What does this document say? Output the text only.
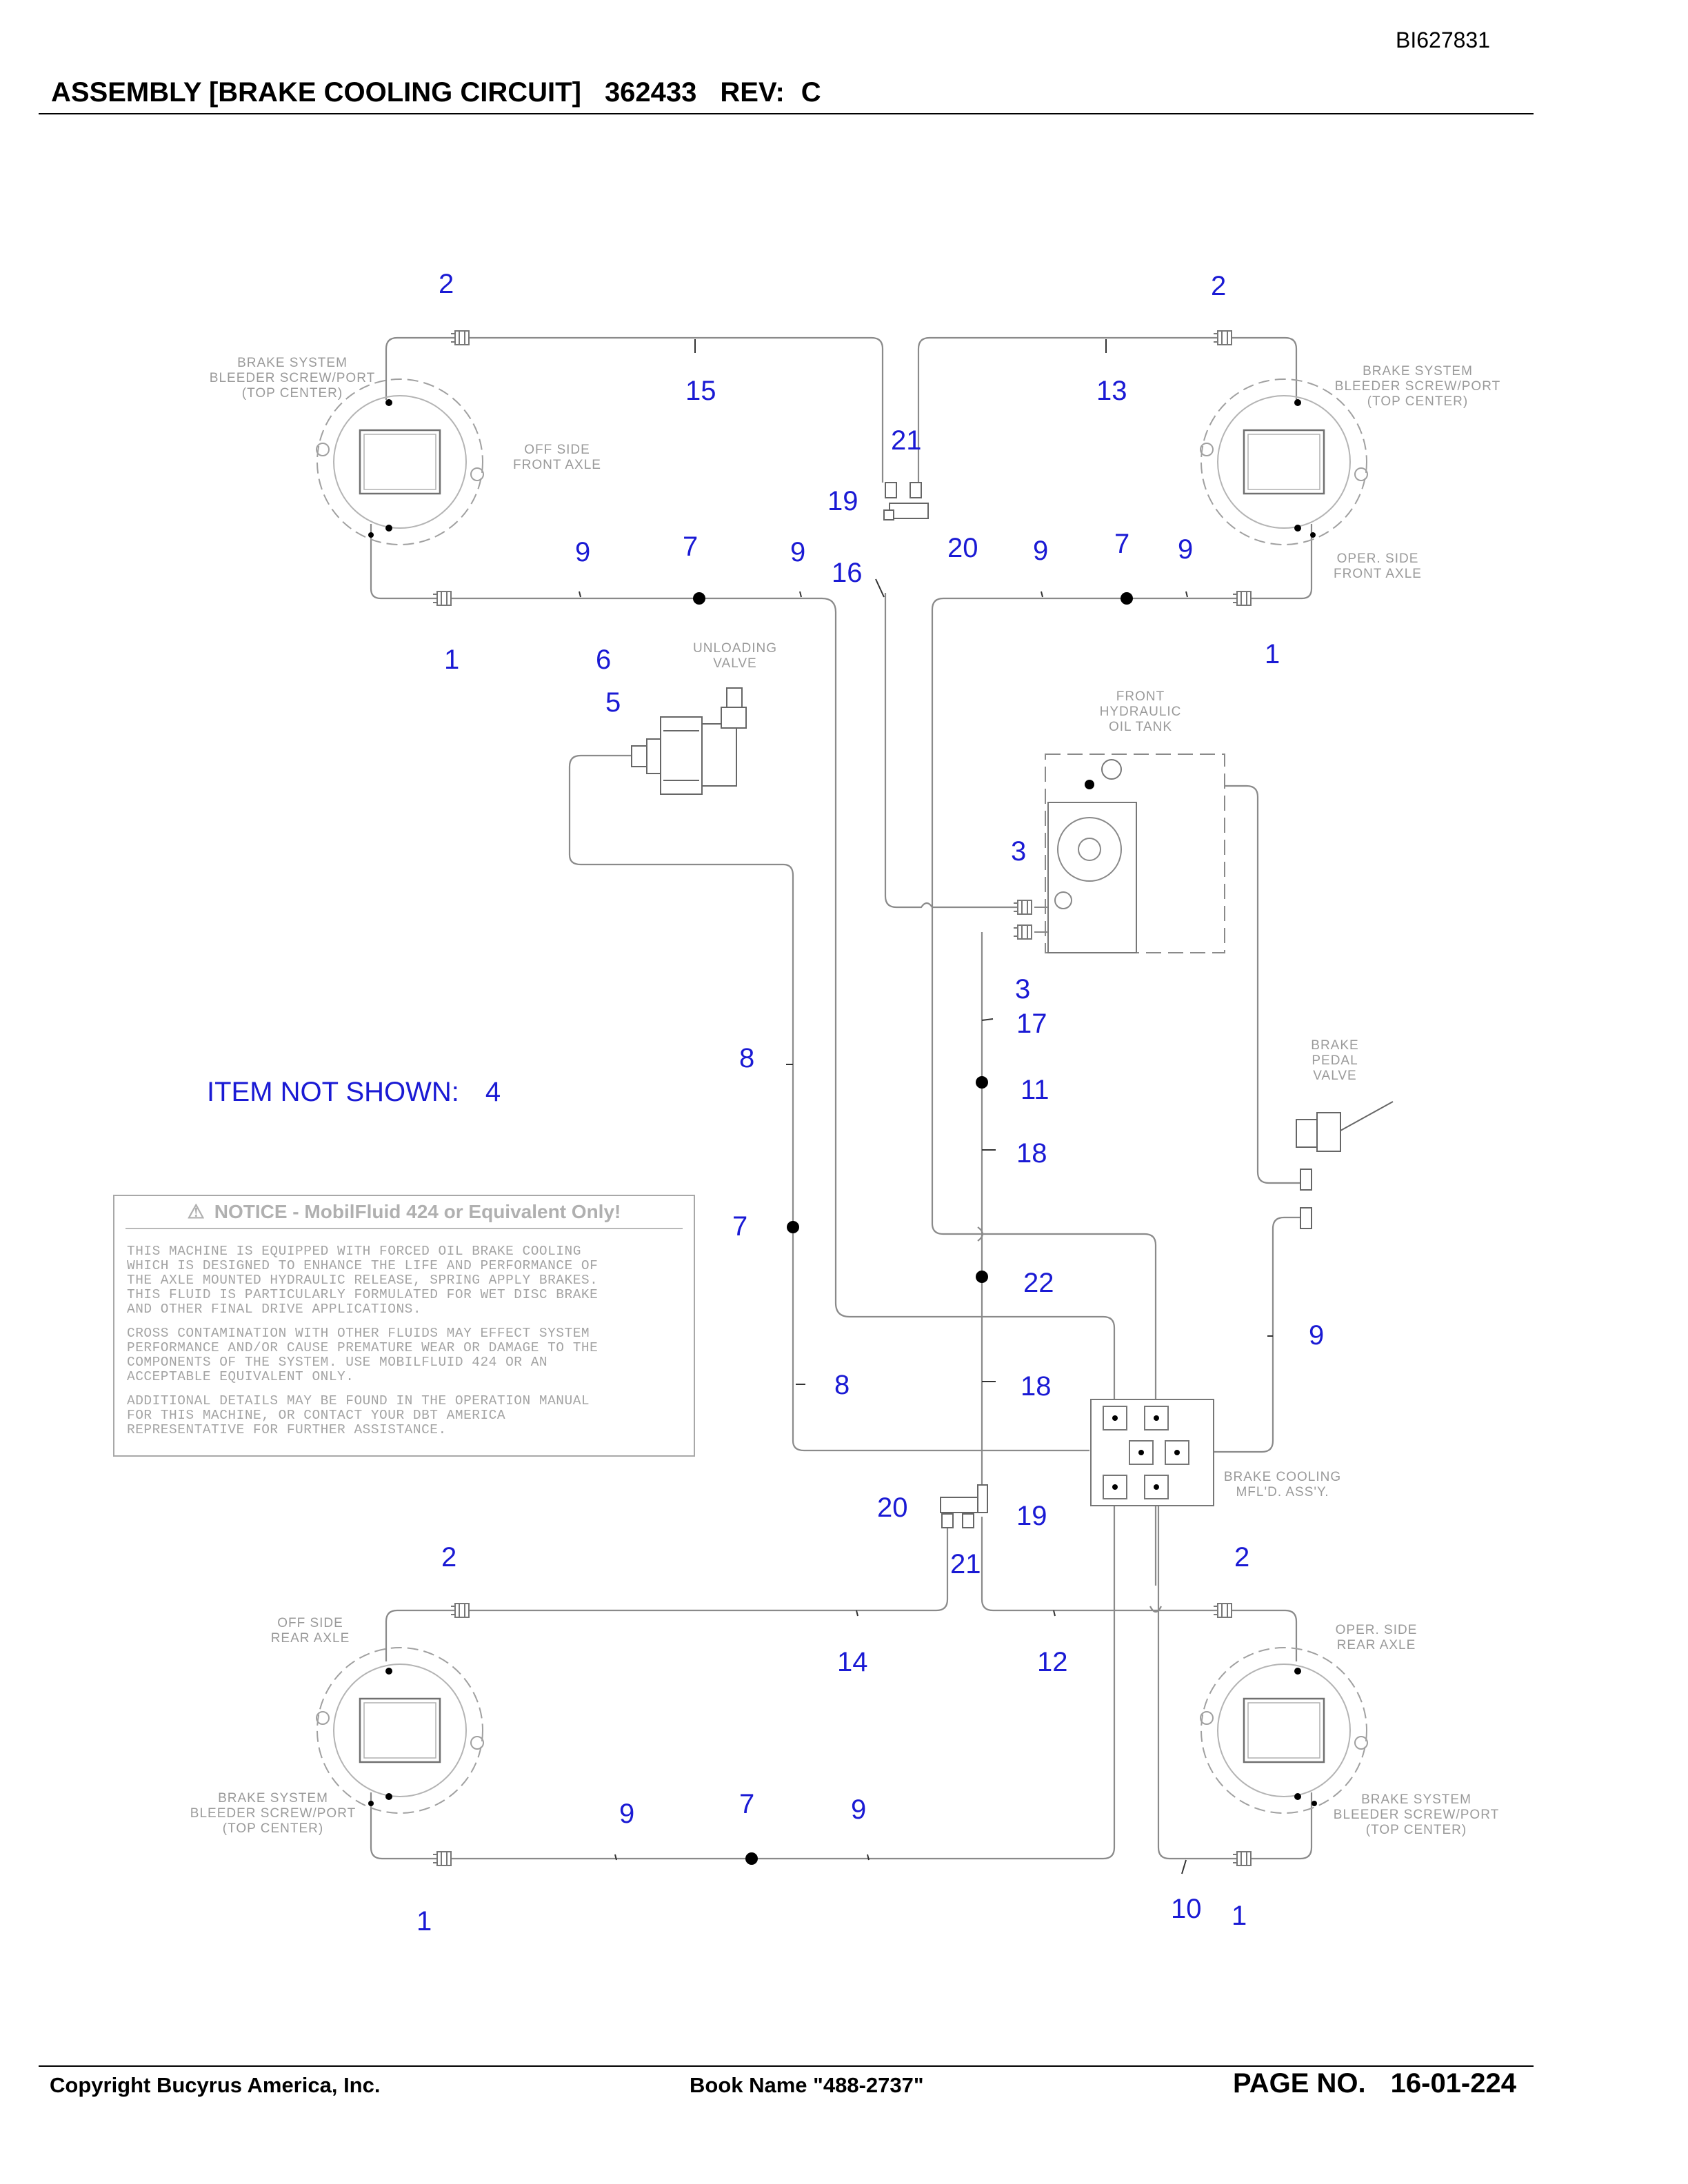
BI627831
ASSEMBLY [BRAKE COOLING CIRCUIT] 362433 REV: C
BRAKE SYSTEM
BLEEDER SCREW/PORT
(TOP CENTER)
OFF SIDE
FRONT AXLE
BRAKE SYSTEM
BLEEDER SCREW/PORT
(TOP CENTER)
OPER. SIDE
FRONT AXLE
UNLOADING
VALVE
FRONT
HYDRAULIC
OIL TANK
BRAKE
PEDAL
VALVE
BRAKE COOLING
MFL'D. ASS'Y.
OFF SIDE
REAR AXLE
BRAKE SYSTEM
BLEEDER SCREW/PORT
(TOP CENTER)
OPER. SIDE
REAR AXLE
BRAKE SYSTEM
BLEEDER SCREW/PORT
(TOP CENTER)
2	2
15	13
21
19
20
9	7	9
16
9 7 9
1	6	1
5
3
3
17
8
11
18
7
22
9
8	18
20	19
21
2	2
14	12
9	7	9
1	10 1
ITEM NOT SHOWN: 4
⚠ NOTICE - MobilFluid 424 or Equivalent Only!

THIS MACHINE IS EQUIPPED WITH FORCED OIL BRAKE COOLING
WHICH IS DESIGNED TO ENHANCE THE LIFE AND PERFORMANCE OF
THE AXLE MOUNTED HYDRAULIC RELEASE, SPRING APPLY BRAKES.
THIS FLUID IS PARTICULARLY FORMULATED FOR WET DISC BRAKE
AND OTHER FINAL DRIVE APPLICATIONS.

CROSS CONTAMINATION WITH OTHER FLUIDS MAY EFFECT SYSTEM
PERFORMANCE AND/OR CAUSE PREMATURE WEAR OR DAMAGE TO THE
COMPONENTS OF THE SYSTEM. USE MOBILFLUID 424 OR AN
ACCEPTABLE EQUIVALENT ONLY.

ADDITIONAL DETAILS MAY BE FOUND IN THE OPERATION MANUAL
FOR THIS MACHINE, OR CONTACT YOUR DBT AMERICA
REPRESENTATIVE FOR FURTHER ASSISTANCE.

Copyright Bucyrus America, Inc.	Book Name "488-2737"	PAGE NO. 16-01-224
